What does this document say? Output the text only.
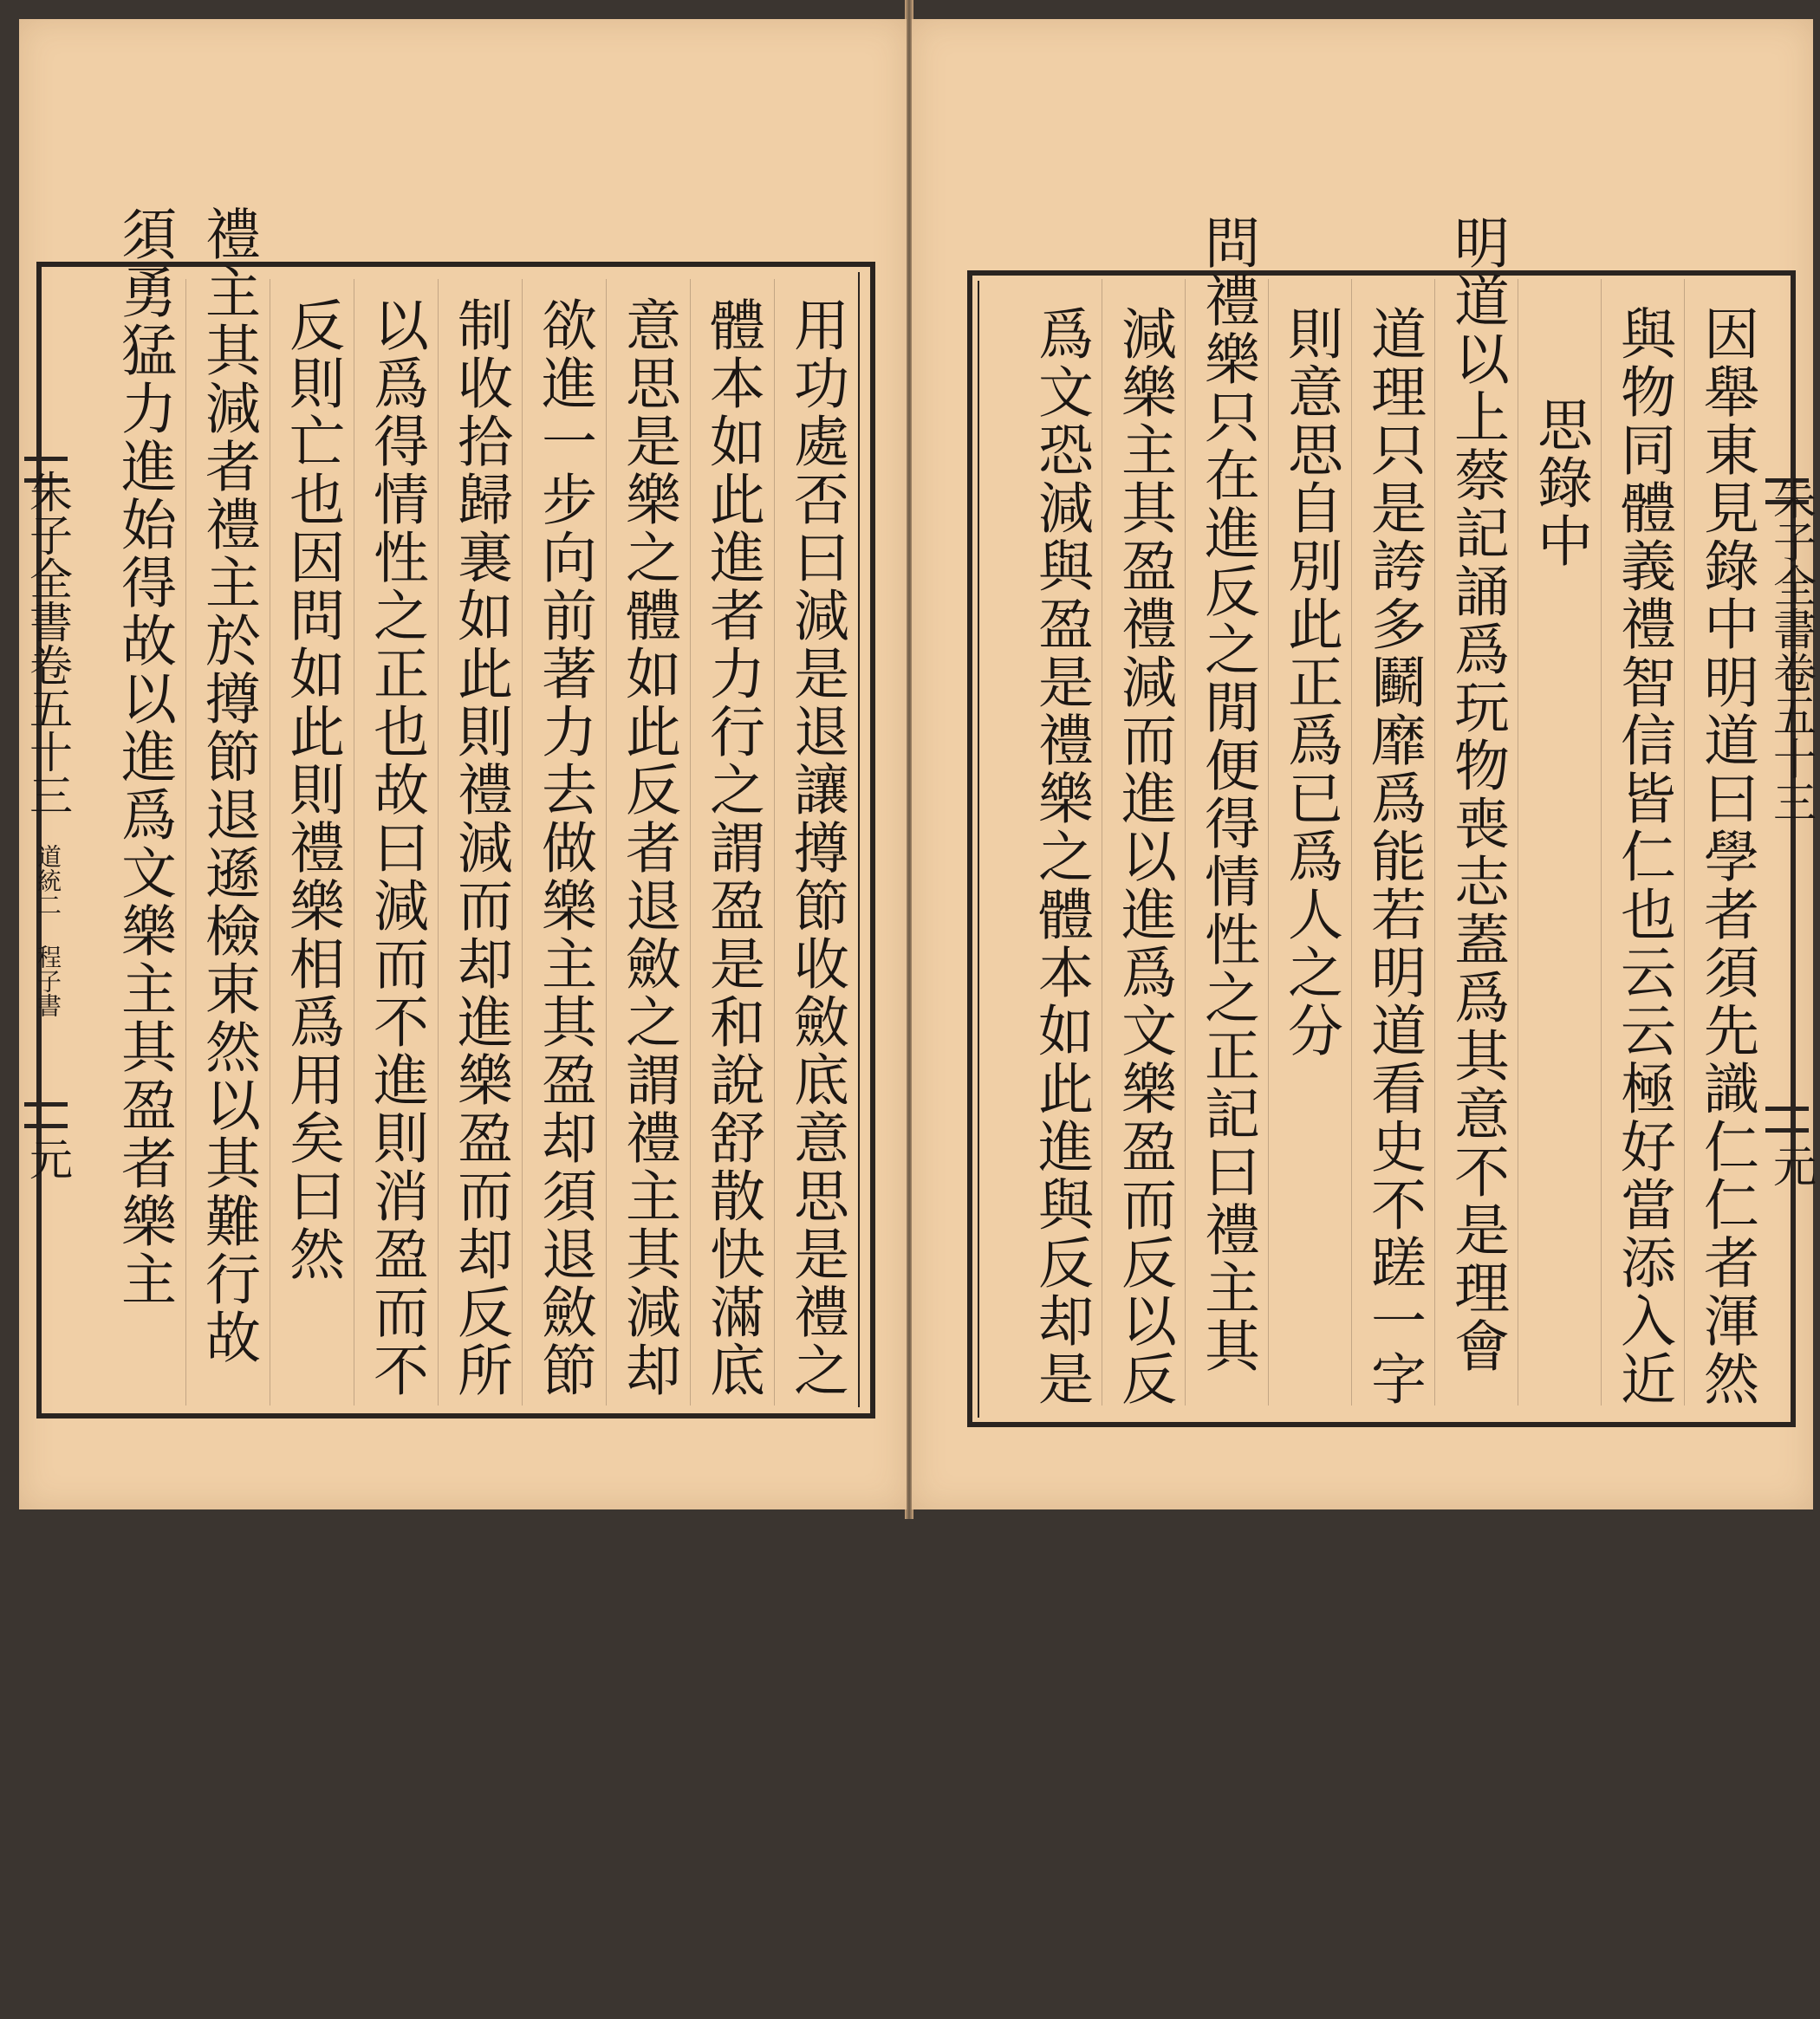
朱子全書卷五十三 道統二 程子書
元	用功處否曰減是退讓撙節收斂底意思是禮之
體本如此進者力行之謂盈是和說舒散快滿底
意思是樂之體如此反者退斂之謂禮主其減却
欲進一步向前著力去做樂主其盈却須退斂節
制收拾歸裏如此則禮減而却進樂盈而却反所
以爲得情性之正也故曰減而不進則消盈而不
反則亡也因問如此則禮樂相爲用矣曰然
禮主其減者禮主於撙節退遜檢束然以其難行故
須勇猛力進始得故以進爲文樂主其盈者樂主	朱子全書卷五十三
元
因舉東見錄中明道曰學者須先識仁仁者渾然
與物同體義禮智信皆仁也云云極好當添入近
思錄中
明道以上蔡記誦爲玩物喪志蓋爲其意不是理會
道理只是誇多鬬靡爲能若明道看史不蹉一字
則意思自別此正爲已爲人之分
問禮樂只在進反之閒便得情性之正記曰禮主其
減樂主其盈禮減而進以進爲文樂盈而反以反
爲文恐減與盈是禮樂之體本如此進與反却是
